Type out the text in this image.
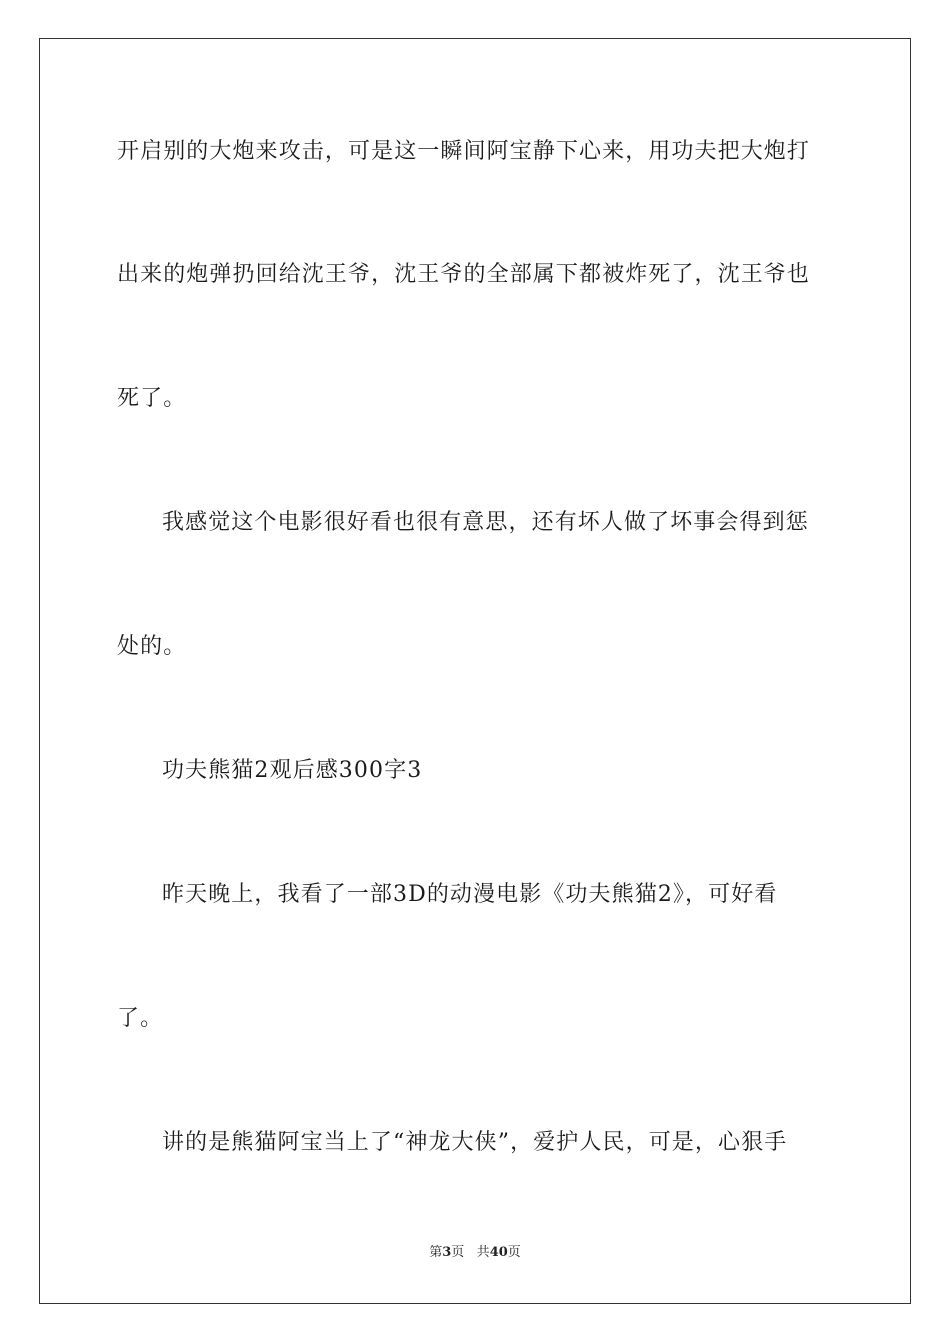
开启别的大炮来攻击，可是这一瞬间阿宝静下心来，用功夫把大炮打
出来的炮弹扔回给沈王爷，沈王爷的全部属下都被炸死了，沈王爷也
死了。
我感觉这个电影很好看也很有意思，还有坏人做了坏事会得到惩
处的。
功夫熊猫2观后感300字3
昨天晚上，我看了一部3D的动漫电影《功夫熊猫2》，可好看
了。
讲的是熊猫阿宝当上了“神龙大侠”，爱护人民，可是，心狠手
第3页 共40页
